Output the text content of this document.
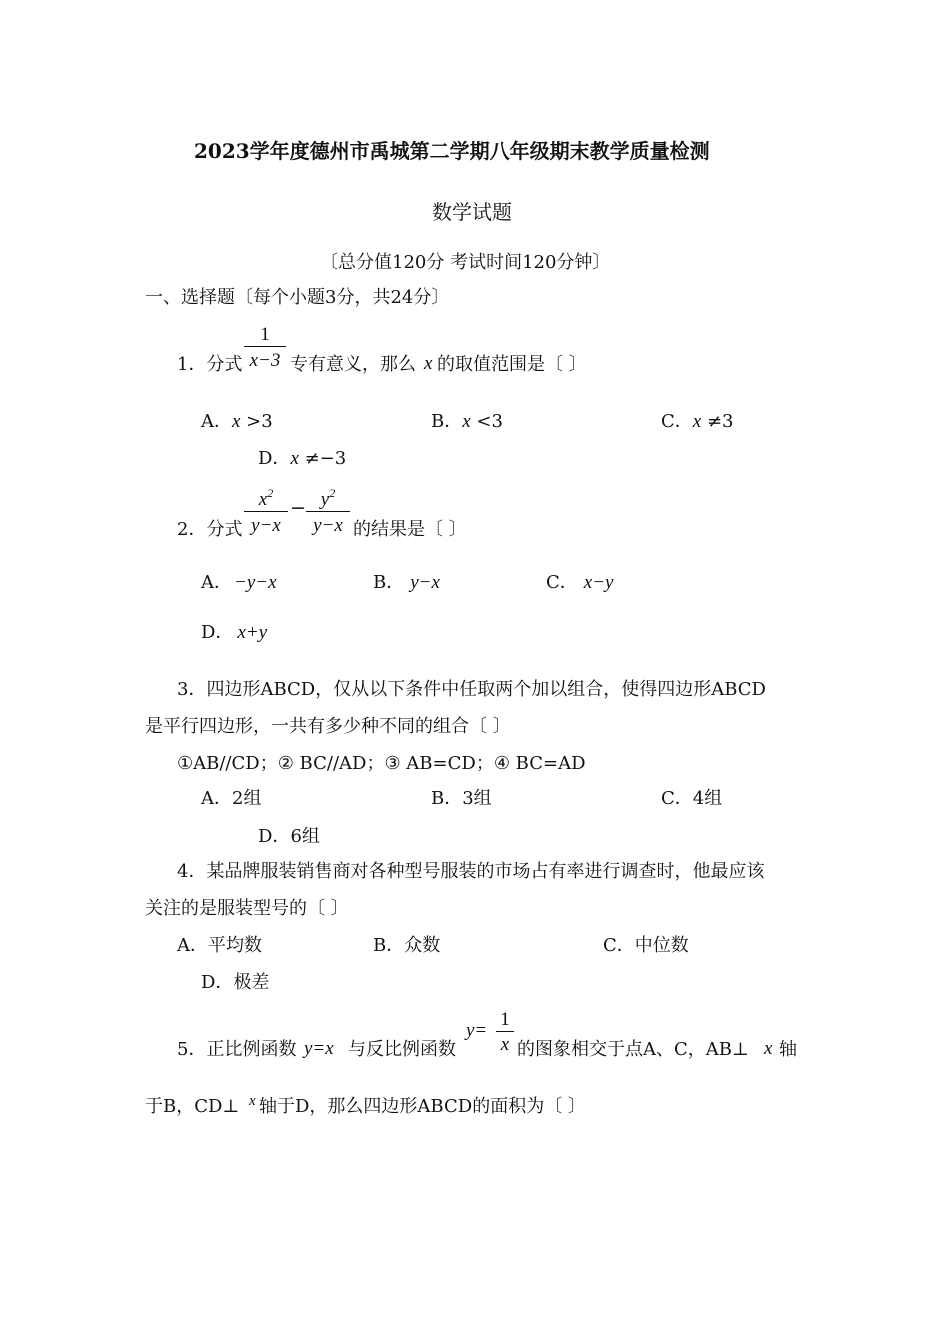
2023学年度德州市禹城第二学期八年级期末教学质量检测
数学试题
〔总分值120分 考试时间120分钟〕
一、选择题〔每个小题3分，共24分〕
1．分式
1
x−3 专有意义，那么 x 的取值范围是〔 〕
A．x >3	B．x <3	C．x ≠3
D．x ≠−3
2．分式
$x^2$
y−x
− $y^2$
y−x 的结果是〔 〕
A． −y−x	B． y−x	C． x−y
D． x+y
3．四边形ABCD，仅从以下条件中任取两个加以组合，使得四边形ABCD
是平行四边形，一共有多少种不同的组合〔 〕
①AB//CD；② BC//AD；③ AB=CD；④ BC=AD
A．2组	B．3组	C．4组
D．6组
4．某品牌服装销售商对各种型号服装的市场占有率进行调查时，他最应该
关注的是服装型号的〔 〕
A．平均数	B．众数	C．中位数
D．极差
5．正比例函数 y=x 与反比例函数
y=
1
x 的图象相交于点A、C，AB⊥ x 轴
于B，CD⊥ x 轴于D，那么四边形ABCD的面积为〔 〕
